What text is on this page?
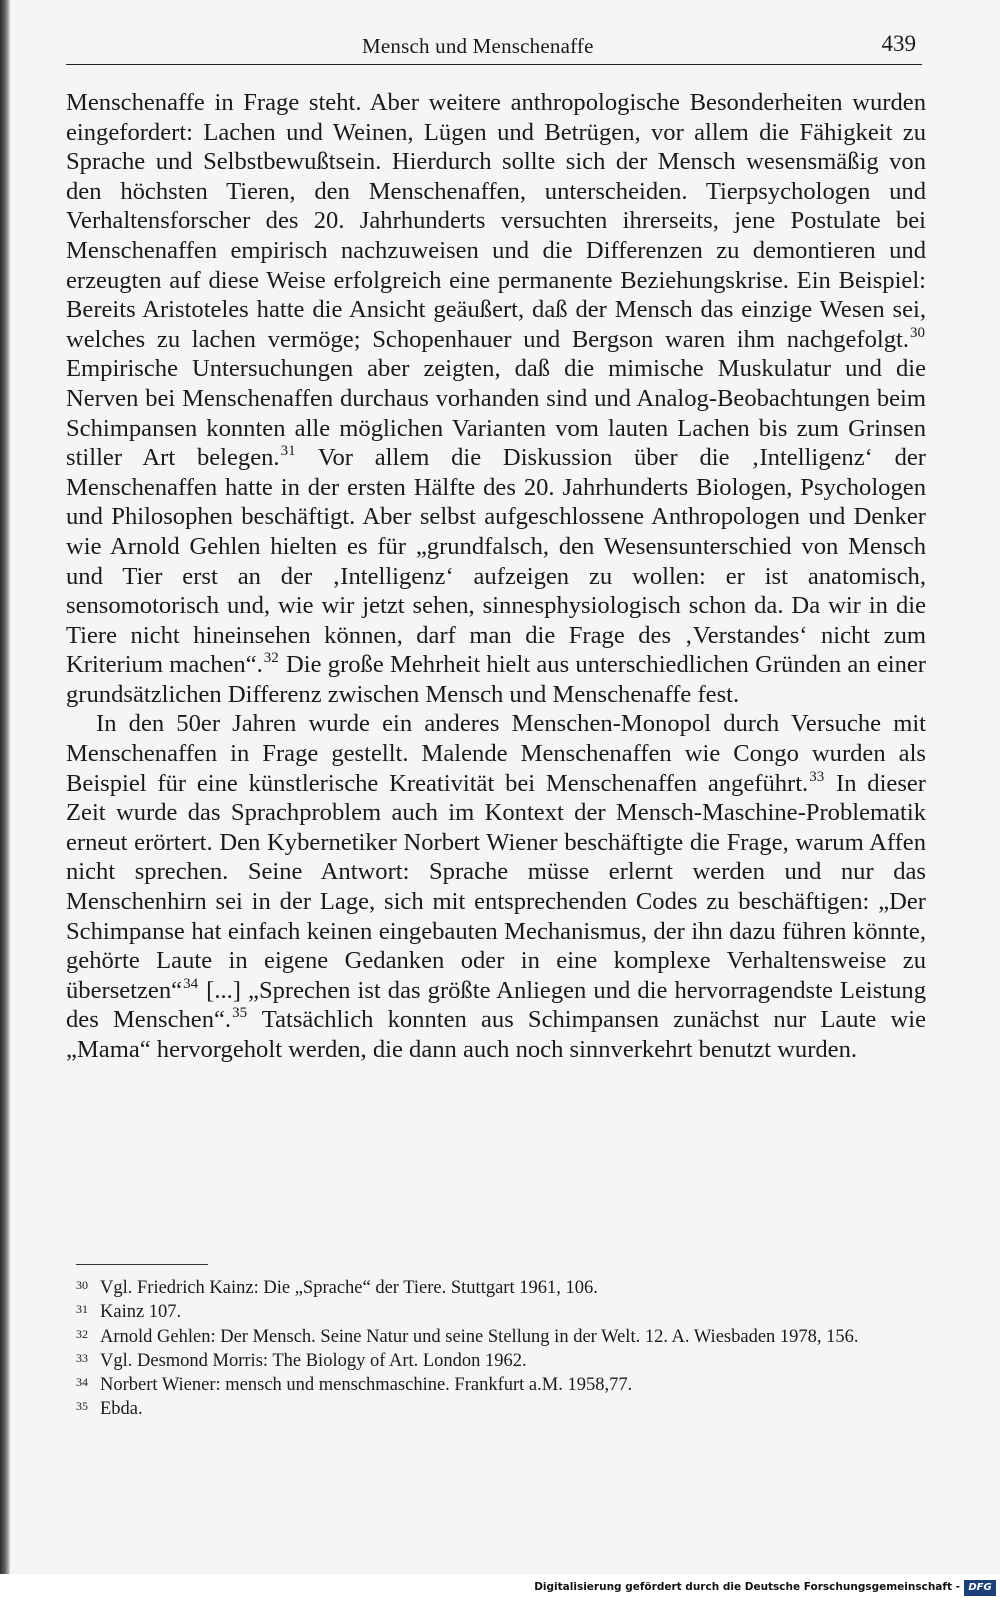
Mensch und Menschenaffe	439

Menschenaffe in Frage steht. Aber weitere anthropologische Besonderheiten wurden eingefordert: Lachen und Weinen, Lügen und Betrügen, vor allem die Fähigkeit zu Sprache und Selbstbewußtsein. Hierdurch sollte sich der Mensch wesensmäßig von den höchsten Tieren, den Menschenaffen, unterscheiden. Tierpsychologen und Verhaltensforscher des 20. Jahrhunderts versuchten ihrerseits, jene Postulate bei Menschenaffen empirisch nachzuweisen und die Differenzen zu demontieren und erzeugten auf diese Weise erfolgreich eine permanente Beziehungskrise. Ein Beispiel: Bereits Aristoteles hatte die Ansicht geäußert, daß der Mensch das einzige Wesen sei, welches zu lachen vermöge; Schopenhauer und Bergson waren ihm nachgefolgt.$^{30}$ Empirische Untersuchungen aber zeigten, daß die mimische Muskulatur und die Nerven bei Menschenaffen durchaus vorhanden sind und Analog-Beobachtungen beim Schimpansen konnten alle möglichen Varianten vom lauten Lachen bis zum Grinsen stiller Art belegen.$^{31}$ Vor allem die Diskussion über die ‚Intelligenz‘ der Menschenaffen hatte in der ersten Hälfte des 20. Jahrhunderts Biologen, Psychologen und Philosophen beschäftigt. Aber selbst aufgeschlossene Anthropologen und Denker wie Arnold Gehlen hielten es für „grundfalsch, den Wesensunterschied von Mensch und Tier erst an der ‚Intelligenz‘ aufzeigen zu wollen: er ist anatomisch, sensomotorisch und, wie wir jetzt sehen, sinnesphysiologisch schon da. Da wir in die Tiere nicht hineinsehen können, darf man die Frage des ‚Verstandes‘ nicht zum Kriterium machen“.$^{32}$ Die große Mehrheit hielt aus unterschiedlichen Gründen an einer grundsätzlichen Differenz zwischen Mensch und Menschenaffe fest.

In den 50er Jahren wurde ein anderes Menschen-Monopol durch Versuche mit Menschenaffen in Frage gestellt. Malende Menschenaffen wie Congo wurden als Beispiel für eine künstlerische Kreativität bei Menschenaffen angeführt.$^{33}$ In dieser Zeit wurde das Sprachproblem auch im Kontext der Mensch-Maschine-Problematik erneut erörtert. Den Kybernetiker Norbert Wiener beschäftigte die Frage, warum Affen nicht sprechen. Seine Antwort: Sprache müsse erlernt werden und nur das Menschenhirn sei in der Lage, sich mit entsprechenden Codes zu beschäftigen: „Der Schimpanse hat einfach keinen eingebauten Mechanismus, der ihn dazu führen könnte, gehörte Laute in eigene Gedanken oder in eine komplexe Verhaltensweise zu übersetzen“$^{34}$ [...] „Sprechen ist das größte Anliegen und die hervorragendste Leistung des Menschen“.$^{35}$ Tatsächlich konnten aus Schimpansen zunächst nur Laute wie „Mama“ hervorgeholt werden, die dann auch noch sinnverkehrt benutzt wurden.

30 Vgl. Friedrich Kainz: Die „Sprache“ der Tiere. Stuttgart 1961, 106.
31 Kainz 107.
32 Arnold Gehlen: Der Mensch. Seine Natur und seine Stellung in der Welt. 12. A. Wiesbaden 1978, 156.
33 Vgl. Desmond Morris: The Biology of Art. London 1962.
34 Norbert Wiener: mensch und menschmaschine. Frankfurt a.M. 1958,77.
35 Ebda.
Digitalisierung gefördert durch die Deutsche Forschungsgemeinschaft - DFG
